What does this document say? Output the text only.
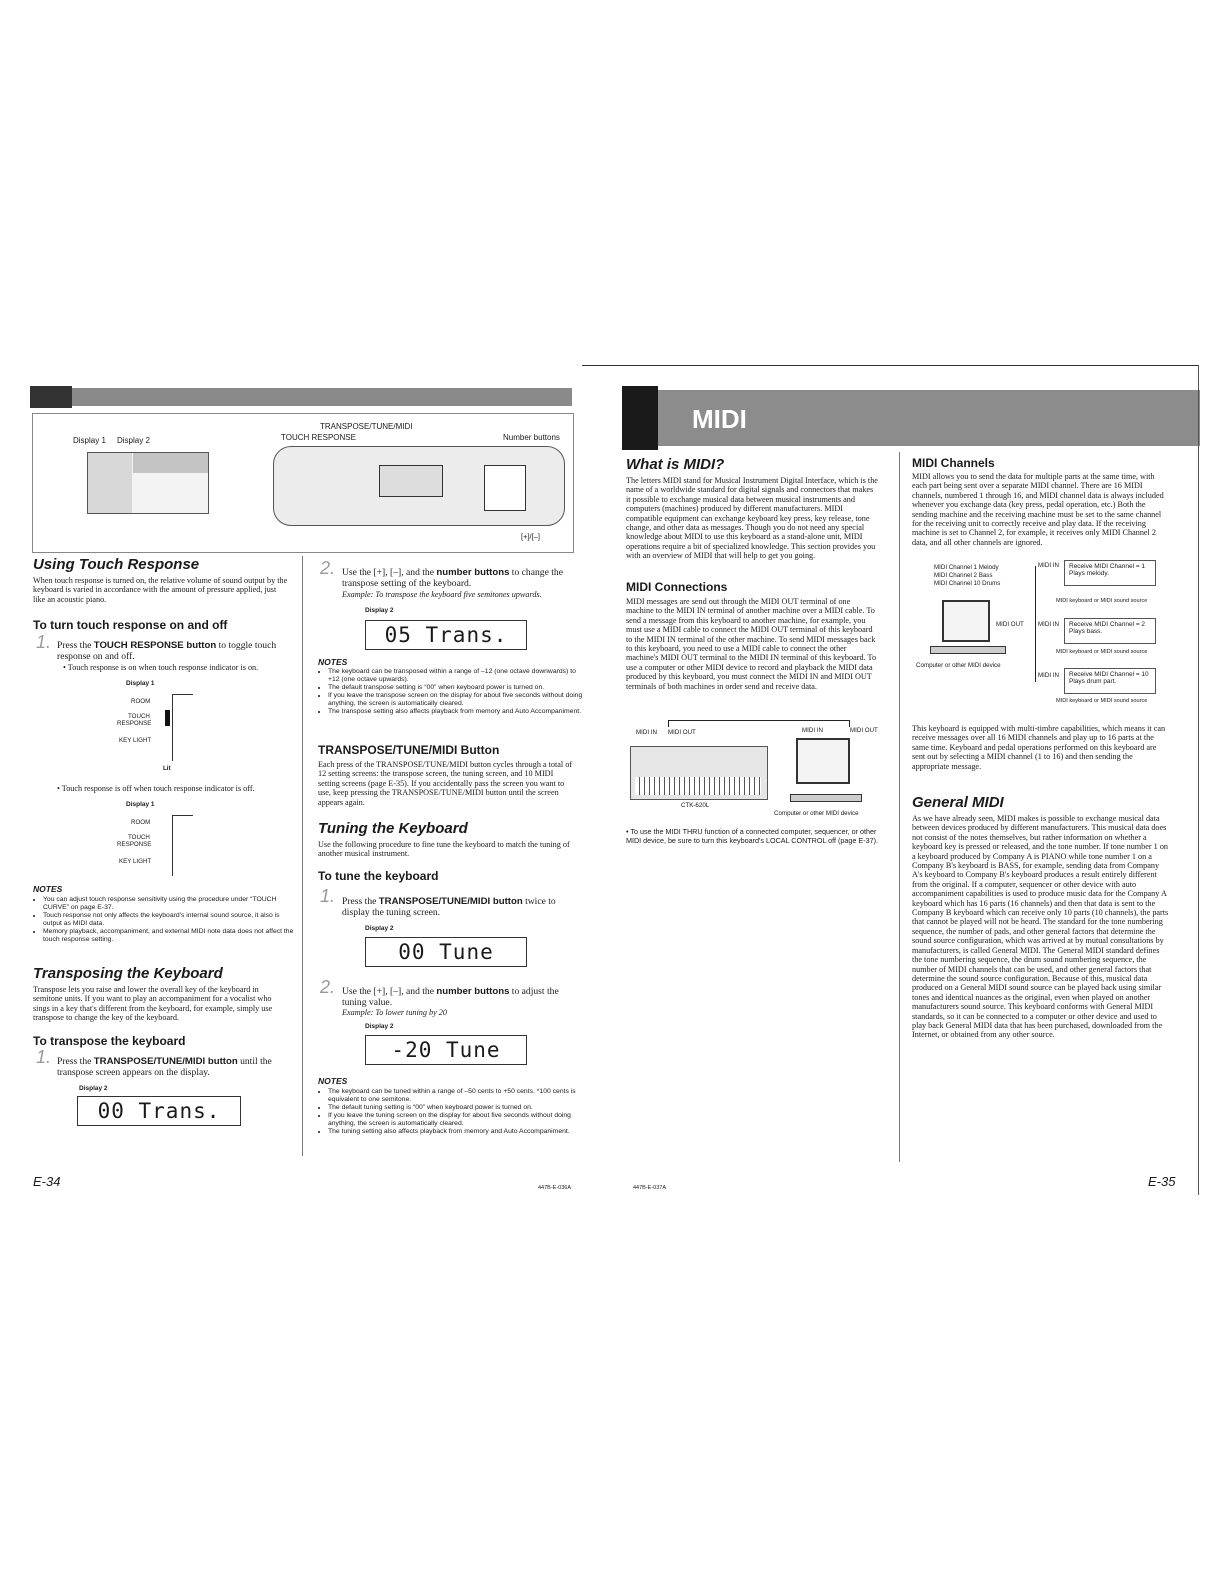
Display 1 Display 2
TRANSPOSE/TUNE/MIDI
TOUCH RESPONSE	Number buttons
[+]/[–]
Using Touch Response
When touch response is turned on, the relative volume of sound output by the keyboard is varied in accordance with the amount of pressure applied, just like an acoustic piano.
To turn touch response on and off
1. Press the TOUCH RESPONSE button to toggle touch response on and off.
• Touch response is on when touch response indicator is on.
Display 1
ROOM
TOUCH
RESPONSE
KEY LIGHT
Lit
• Touch response is off when touch response indicator is off.
Display 1
ROOM
TOUCH
RESPONSE
KEY LIGHT
NOTES
• You can adjust touch response sensitivity using the procedure under “TOUCH CURVE” on page E-37.
• Touch response not only affects the keyboard's internal sound source, it also is output as MIDI data.
• Memory playback, accompaniment, and external MIDI note data does not affect the touch response setting.
Transposing the Keyboard
Transpose lets you raise and lower the overall key of the keyboard in semitone units. If you want to play an accompaniment for a vocalist who sings in a key that's different from the keyboard, for example, simply use transpose to change the key of the keyboard.
To transpose the keyboard
1. Press the TRANSPOSE/TUNE/MIDI button until the transpose screen appears on the display.
Display 2
00 Trans.
E-34	447B-E-036A
2. Use the [+], [–], and the number buttons to change the transpose setting of the keyboard.
Example: To transpose the keyboard five semitones upwards.
Display 2
05 Trans.
NOTES
• The keyboard can be transposed within a range of –12 (one octave downwards) to +12 (one octave upwards).
• The default transpose setting is “00” when keyboard power is turned on.
• If you leave the transpose screen on the display for about five seconds without doing anything, the screen is automatically cleared.
• The transpose setting also affects playback from memory and Auto Accompaniment.
TRANSPOSE/TUNE/MIDI Button
Each press of the TRANSPOSE/TUNE/MIDI button cycles through a total of 12 setting screens: the transpose screen, the tuning screen, and 10 MIDI setting screens (page E-35). If you accidentally pass the screen you want to use, keep pressing the TRANSPOSE/TUNE/MIDI button until the screen appears again.
Tuning the Keyboard
Use the following procedure to fine tune the keyboard to match the tuning of another musical instrument.
To tune the keyboard
1. Press the TRANSPOSE/TUNE/MIDI button twice to display the tuning screen.
Display 2
00 Tune
2. Use the [+], [–], and the number buttons to adjust the tuning value.
Example: To lower tuning by 20
Display 2
-20 Tune
NOTES
• The keyboard can be tuned within a range of –50 cents to +50 cents. *100 cents is equivalent to one semitone.
• The default tuning setting is “00” when keyboard power is turned on.
• If you leave the tuning screen on the display for about five seconds without doing anything, the screen is automatically cleared.
• The tuning setting also affects playback from memory and Auto Accompaniment.
MIDI
What is MIDI?
The letters MIDI stand for Musical Instrument Digital Interface, which is the name of a worldwide standard for digital signals and connectors that makes it possible to exchange musical data between musical instruments and computers (machines) produced by different manufacturers. MIDI compatible equipment can exchange keyboard key press, key release, tone change, and other data as messages. Though you do not need any special knowledge about MIDI to use this keyboard as a stand-alone unit, MIDI operations require a bit of specialized knowledge. This section provides you with an overview of MIDI that will help to get you going.
MIDI Connections
MIDI messages are send out through the MIDI OUT terminal of one machine to the MIDI IN terminal of another machine over a MIDI cable. To send a message from this keyboard to another machine, for example, you must use a MIDI cable to connect the MIDI OUT terminal of this keyboard to the MIDI IN terminal of the other machine. To send MIDI messages back to this keyboard, you need to use a MIDI cable to connect the other machine's MIDI OUT terminal to the MIDI IN terminal of this keyboard. To use a computer or other MIDI device to record and playback the MIDI data produced by this keyboard, you must connect the MIDI IN and MIDI OUT terminals of both machines in order send and receive data.
MIDI IN MIDI OUT	MIDI IN	MIDI OUT
CTK-620L
Computer or other MIDI device
• To use the MIDI THRU function of a connected computer, sequencer, or other MIDI device, be sure to turn this keyboard's LOCAL CONTROL off (page E-37).
MIDI Channels
MIDI allows you to send the data for multiple parts at the same time, with each part being sent over a separate MIDI channel. There are 16 MIDI channels, numbered 1 through 16, and MIDI channel data is always included whenever you exchange data (key press, pedal operation, etc.) Both the sending machine and the receiving machine must be set to the same channel for the receiving unit to correctly receive and play data. If the receiving machine is set to Channel 2, for example, it receives only MIDI Channel 2 data, and all other channels are ignored.
MIDI Channel 1 Melody
MIDI Channel 2 Bass
MIDI Channel 10 Drums
Computer or other MIDI device
MIDI OUT
MIDI IN Receive MIDI Channel = 1
Plays melody.
MIDI keyboard or MIDI sound source
MIDI IN Receive MIDI Channel = 2
Plays bass.
MIDI keyboard or MIDI sound source
MIDI IN Receive MIDI Channel = 10
Plays drum part.
MIDI keyboard or MIDI sound source
This keyboard is equipped with multi-timbre capabilities, which means it can receive messages over all 16 MIDI channels and play up to 16 parts at the same time. Keyboard and pedal operations performed on this keyboard are sent out by selecting a MIDI channel (1 to 16) and then sending the appropriate message.
General MIDI
As we have already seen, MIDI makes is possible to exchange musical data between devices produced by different manufacturers. This musical data does not consist of the notes themselves, but rather information on whether a keyboard key is pressed or released, and the tone number. If tone number 1 on a keyboard produced by Company A is PIANO while tone number 1 on a Company B's keyboard is BASS, for example, sending data from Company A's keyboard to Company B's keyboard produces a result entirely different from the original. If a computer, sequencer or other device with auto accompaniment capabilities is used to produce music data for the Company A keyboard which has 16 parts (16 channels) and then that data is sent to the Company B keyboard which can receive only 10 parts (10 channels), the parts that cannot be played will not be heard. The standard for the tone numbering sequence, the number of pads, and other general factors that determine the sound source configuration, which was arrived at by mutual consultations by manufacturers, is called General MIDI. The General MIDI standard defines the tone numbering sequence, the drum sound numbering sequence, the number of MIDI channels that can be used, and other general factors that determine the sound source configuration. Because of this, musical data produced on a General MIDI sound source can be played back using similar tones and identical nuances as the original, even when played on another manufacturers sound source. This keyboard conforms with General MIDI standards, so it can be connected to a computer or other device and used to play back General MIDI data that has been purchased, downloaded from the Internet, or obtained from any other source.
447B-E-037A	E-35
